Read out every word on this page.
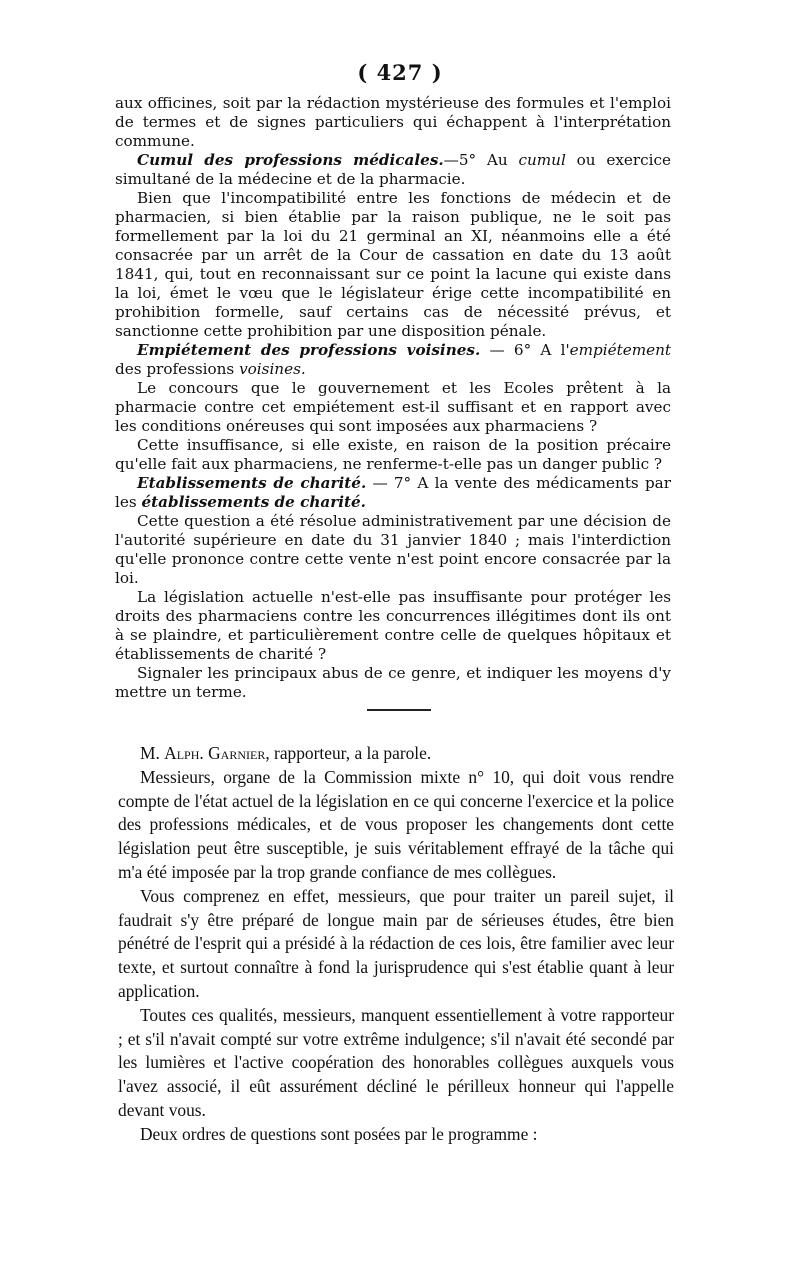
( 427 )

aux officines, soit par la rédaction mystérieuse des formules et l'emploi de termes et de signes particuliers qui échappent à l'interprétation commune.

Cumul des professions médicales.—5° Au cumul ou exercice simultané de la médecine et de la pharmacie.

Bien que l'incompatibilité entre les fonctions de médecin et de pharmacien, si bien établie par la raison publique, ne le soit pas formellement par la loi du 21 germinal an XI, néanmoins elle a été consacrée par un arrêt de la Cour de cassation en date du 13 août 1841, qui, tout en reconnaissant sur ce point la lacune qui existe dans la loi, émet le vœu que le législateur érige cette incompatibilité en prohibition formelle, sauf certains cas de nécessité prévus, et sanctionne cette prohibition par une disposition pénale.

Empiétement des professions voisines. — 6° A l'empiétement des professions voisines.

Le concours que le gouvernement et les Ecoles prêtent à la pharmacie contre cet empiétement est-il suffisant et en rapport avec les conditions onéreuses qui sont imposées aux pharmaciens ?

Cette insuffisance, si elle existe, en raison de la position précaire qu'elle fait aux pharmaciens, ne renferme-t-elle pas un danger public ?

Etablissements de charité. — 7° A la vente des médicaments par les établissements de charité.

Cette question a été résolue administrativement par une décision de l'autorité supérieure en date du 31 janvier 1840 ; mais l'interdiction qu'elle prononce contre cette vente n'est point encore consacrée par la loi.

La législation actuelle n'est-elle pas insuffisante pour protéger les droits des pharmaciens contre les concurrences illégitimes dont ils ont à se plaindre, et particulièrement contre celle de quelques hôpitaux et établissements de charité ?

Signaler les principaux abus de ce genre, et indiquer les moyens d'y mettre un terme.

M. Alph. Garnier, rapporteur, a la parole.

Messieurs, organe de la Commission mixte n° 10, qui doit vous rendre compte de l'état actuel de la législation en ce qui concerne l'exercice et la police des professions médicales, et de vous proposer les changements dont cette législation peut être susceptible, je suis véritablement effrayé de la tâche qui m'a été imposée par la trop grande confiance de mes collègues.

Vous comprenez en effet, messieurs, que pour traiter un pareil sujet, il faudrait s'y être préparé de longue main par de sérieuses études, être bien pénétré de l'esprit qui a présidé à la rédaction de ces lois, être familier avec leur texte, et surtout connaître à fond la jurisprudence qui s'est établie quant à leur application.

Toutes ces qualités, messieurs, manquent essentiellement à votre rapporteur ; et s'il n'avait compté sur votre extrême indulgence; s'il n'avait été secondé par les lumières et l'active coopération des honorables collègues auxquels vous l'avez associé, il eût assurément décliné le périlleux honneur qui l'appelle devant vous.

Deux ordres de questions sont posées par le programme :
